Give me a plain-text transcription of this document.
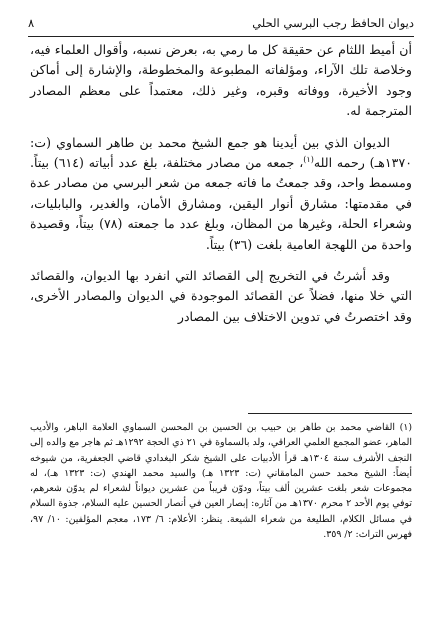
ديوان الحافظ رجب البرسي الحلي
٨

أن أميط اللثام عن حقيقة كل ما رمي به، بعرض نسبه، وأقوال العلماء فيه، وخلاصة تلك الآراء، ومؤلفاته المطبوعة والمخطوطة، والإشارة إلى أماكن وجود الأخيرة، ووفاته وقبره، وغير ذلك، معتمداً على معظم المصادر المترجمة له.

الديوان الذي بين أيدينا هو جمع الشيخ محمد بن طاهر السماوي (ت: ١٣٧٠هـ) رحمه الله$^{(١)}$، جمعه من مصادر مختلفة، بلغ عدد أبياته (٦١٤) بيتاً. ومسمط واحد، وقد جمعتُ ما فاته جمعه من شعر البرسي من مصادر عدة في مقدمتها: مشارق أنوار اليقين، ومشارق الأمان، والغدير، والبابليات، وشعراء الحلة، وغيرها من المظان، وبلغ عدد ما جمعته (٧٨) بيتاً، وقصيدة واحدة من اللهجة العامية بلغت (٣٦) بيتاً.

وقد أشرتُ في التخريج إلى القصائد التي انفرد بها الديوان، والقصائد التي خلا منها، فضلاً عن القصائد الموجودة في الديوان والمصادر الأخرى، وقد اختصرتُ في تدوين الاختلاف بين المصادر

(١) القاضي محمد بن طاهر بن حبيب بن الحسين بن المحسن السماوي العلامة الباهر، والأديب الماهر، عضو المجمع العلمي العراقي، ولد بالسماوة في ٢١ ذي الحجة ١٢٩٢هـ ثم هاجر مع والده إلى النجف الأشرف سنة ١٣٠٤هـ قرأ الأدبيات على الشيخ شكر البغدادي قاضي الجعفرية، من شيوخه أيضاً: الشيخ محمد حسن المامقاني (ت: ١٣٢٣ هـ) والسيد محمد الهندي (ت: ١٣٢٣ هـ)، له مجموعات شعر بلغت عشرين ألف بيتاً، ودوّن قريباً من عشرين ديواناً لشعراء لم يدوّن شعرهم، توفي يوم الأحد ٢ محرم ١٣٧٠هـ من آثاره: إبصار العين في أنصار الحسين عليه السلام، جذوة السلام في مسائل الكلام، الطليعة من شعراء الشيعة. ينظر: الأعلام: ٦/ ١٧٣، معجم المؤلفين: ١٠/ ٩٧، فهرس التراث: ٢/ ٣٥٩.
